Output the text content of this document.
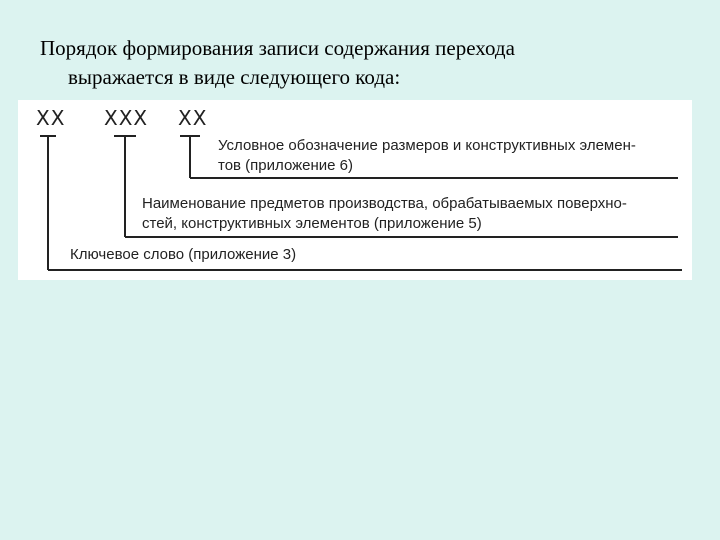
Порядок формирования записи содержания перехода
выражается в виде следующего кода:
XX XXX XX
Условное обозначение размеров и конструктивных элемен-
тов (приложение 6)
Наименование предметов производства, обрабатываемых поверхно-
стей, конструктивных элементов (приложение 5)
Ключевое слово (приложение 3)
